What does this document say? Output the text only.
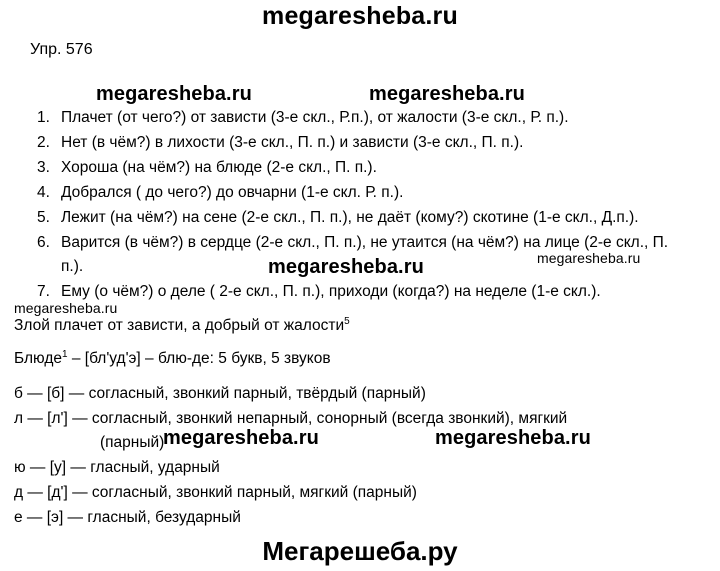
megaresheba.ru
Упр. 576
megaresheba.ru	megaresheba.ru
1. Плачет (от чего?) от зависти (3-е скл., Р.п.), от жалости (3-е скл., Р. п.).
2. Нет (в чём?) в лихости (3-е скл., П. п.) и зависти (3-е скл., П. п.).
3. Хороша (на чём?) на блюде (2-е скл., П. п.).
4. Добрался ( до чего?) до овчарни (1-е скл. Р. п.).
5. Лежит (на чём?) на сене (2-е скл., П. п.), не даёт (кому?) скотине (1-е скл., Д.п.).
6. Варится (в чём?) в сердце (2-е скл., П. п.), не утаится (на чём?) на лице (2-е скл., П.
п.).
7. Ему (о чём?) о деле ( 2-е скл., П. п.), приходи (когда?) на неделе (1-е скл.).
megaresheba.ru	megaresheba.ru
megaresheba.ru
Злой плачет от зависти, а добрый от жалости$^5$
Блюде$^1$ – [бл'уд'э] – блю-де: 5 букв, 5 звуков
б — [б] — согласный, звонкий парный, твёрдый (парный)
л — [л'] — согласный, звонкий непарный, сонорный (всегда звонкий), мягкий
(парный)
ю — [у] — гласный, ударный
д — [д'] — согласный, звонкий парный, мягкий (парный)
е — [э] — гласный, безударный
megaresheba.ru	megaresheba.ru
Мегарешеба.ру
